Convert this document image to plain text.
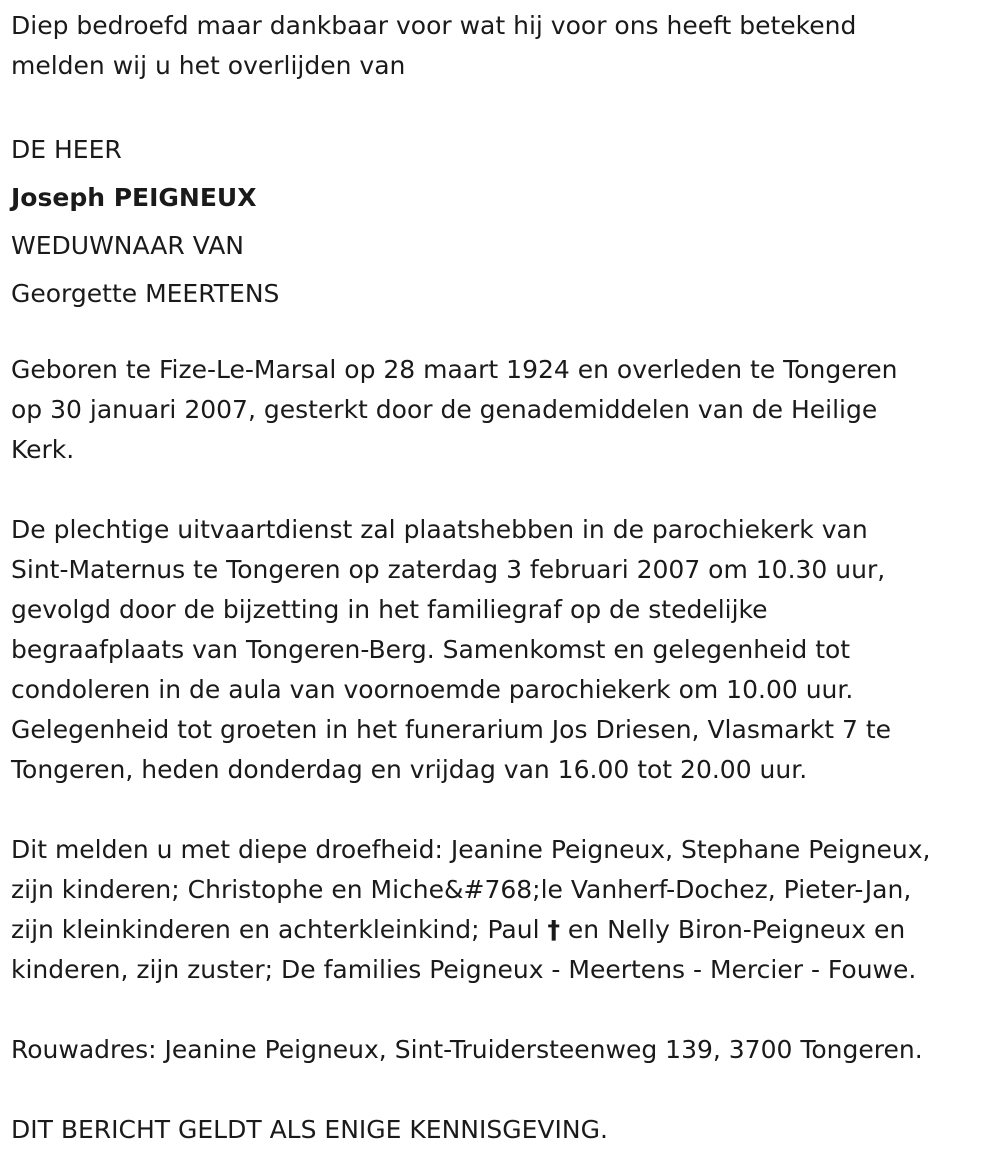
Diep bedroefd maar dankbaar voor wat hij voor ons heeft betekend

melden wij u het overlijden van

DE HEER

Joseph PEIGNEUX

WEDUWNAAR VAN

Georgette MEERTENS

Geboren te Fize-Le-Marsal op 28 maart 1924 en overleden te Tongeren

op 30 januari 2007, gesterkt door de genademiddelen van de Heilige

Kerk.

De plechtige uitvaartdienst zal plaatshebben in de parochiekerk van

Sint-Maternus te Tongeren op zaterdag 3 februari 2007 om 10.30 uur,

gevolgd door de bijzetting in het familiegraf op de stedelijke

begraafplaats van Tongeren-Berg. Samenkomst en gelegenheid tot

condoleren in de aula van voornoemde parochiekerk om 10.00 uur.

Gelegenheid tot groeten in het funerarium Jos Driesen, Vlasmarkt 7 te

Tongeren, heden donderdag en vrijdag van 16.00 tot 20.00 uur.

Dit melden u met diepe droefheid: Jeanine Peigneux, Stephane Peigneux,

zijn kinderen; Christophe en Miche&#768;le Vanherf-Dochez, Pieter-Jan,

zijn kleinkinderen en achterkleinkind; Paul † en Nelly Biron-Peigneux en

kinderen, zijn zuster; De families Peigneux - Meertens - Mercier - Fouwe.

Rouwadres: Jeanine Peigneux, Sint-Truidersteenweg 139, 3700 Tongeren.

DIT BERICHT GELDT ALS ENIGE KENNISGEVING.
